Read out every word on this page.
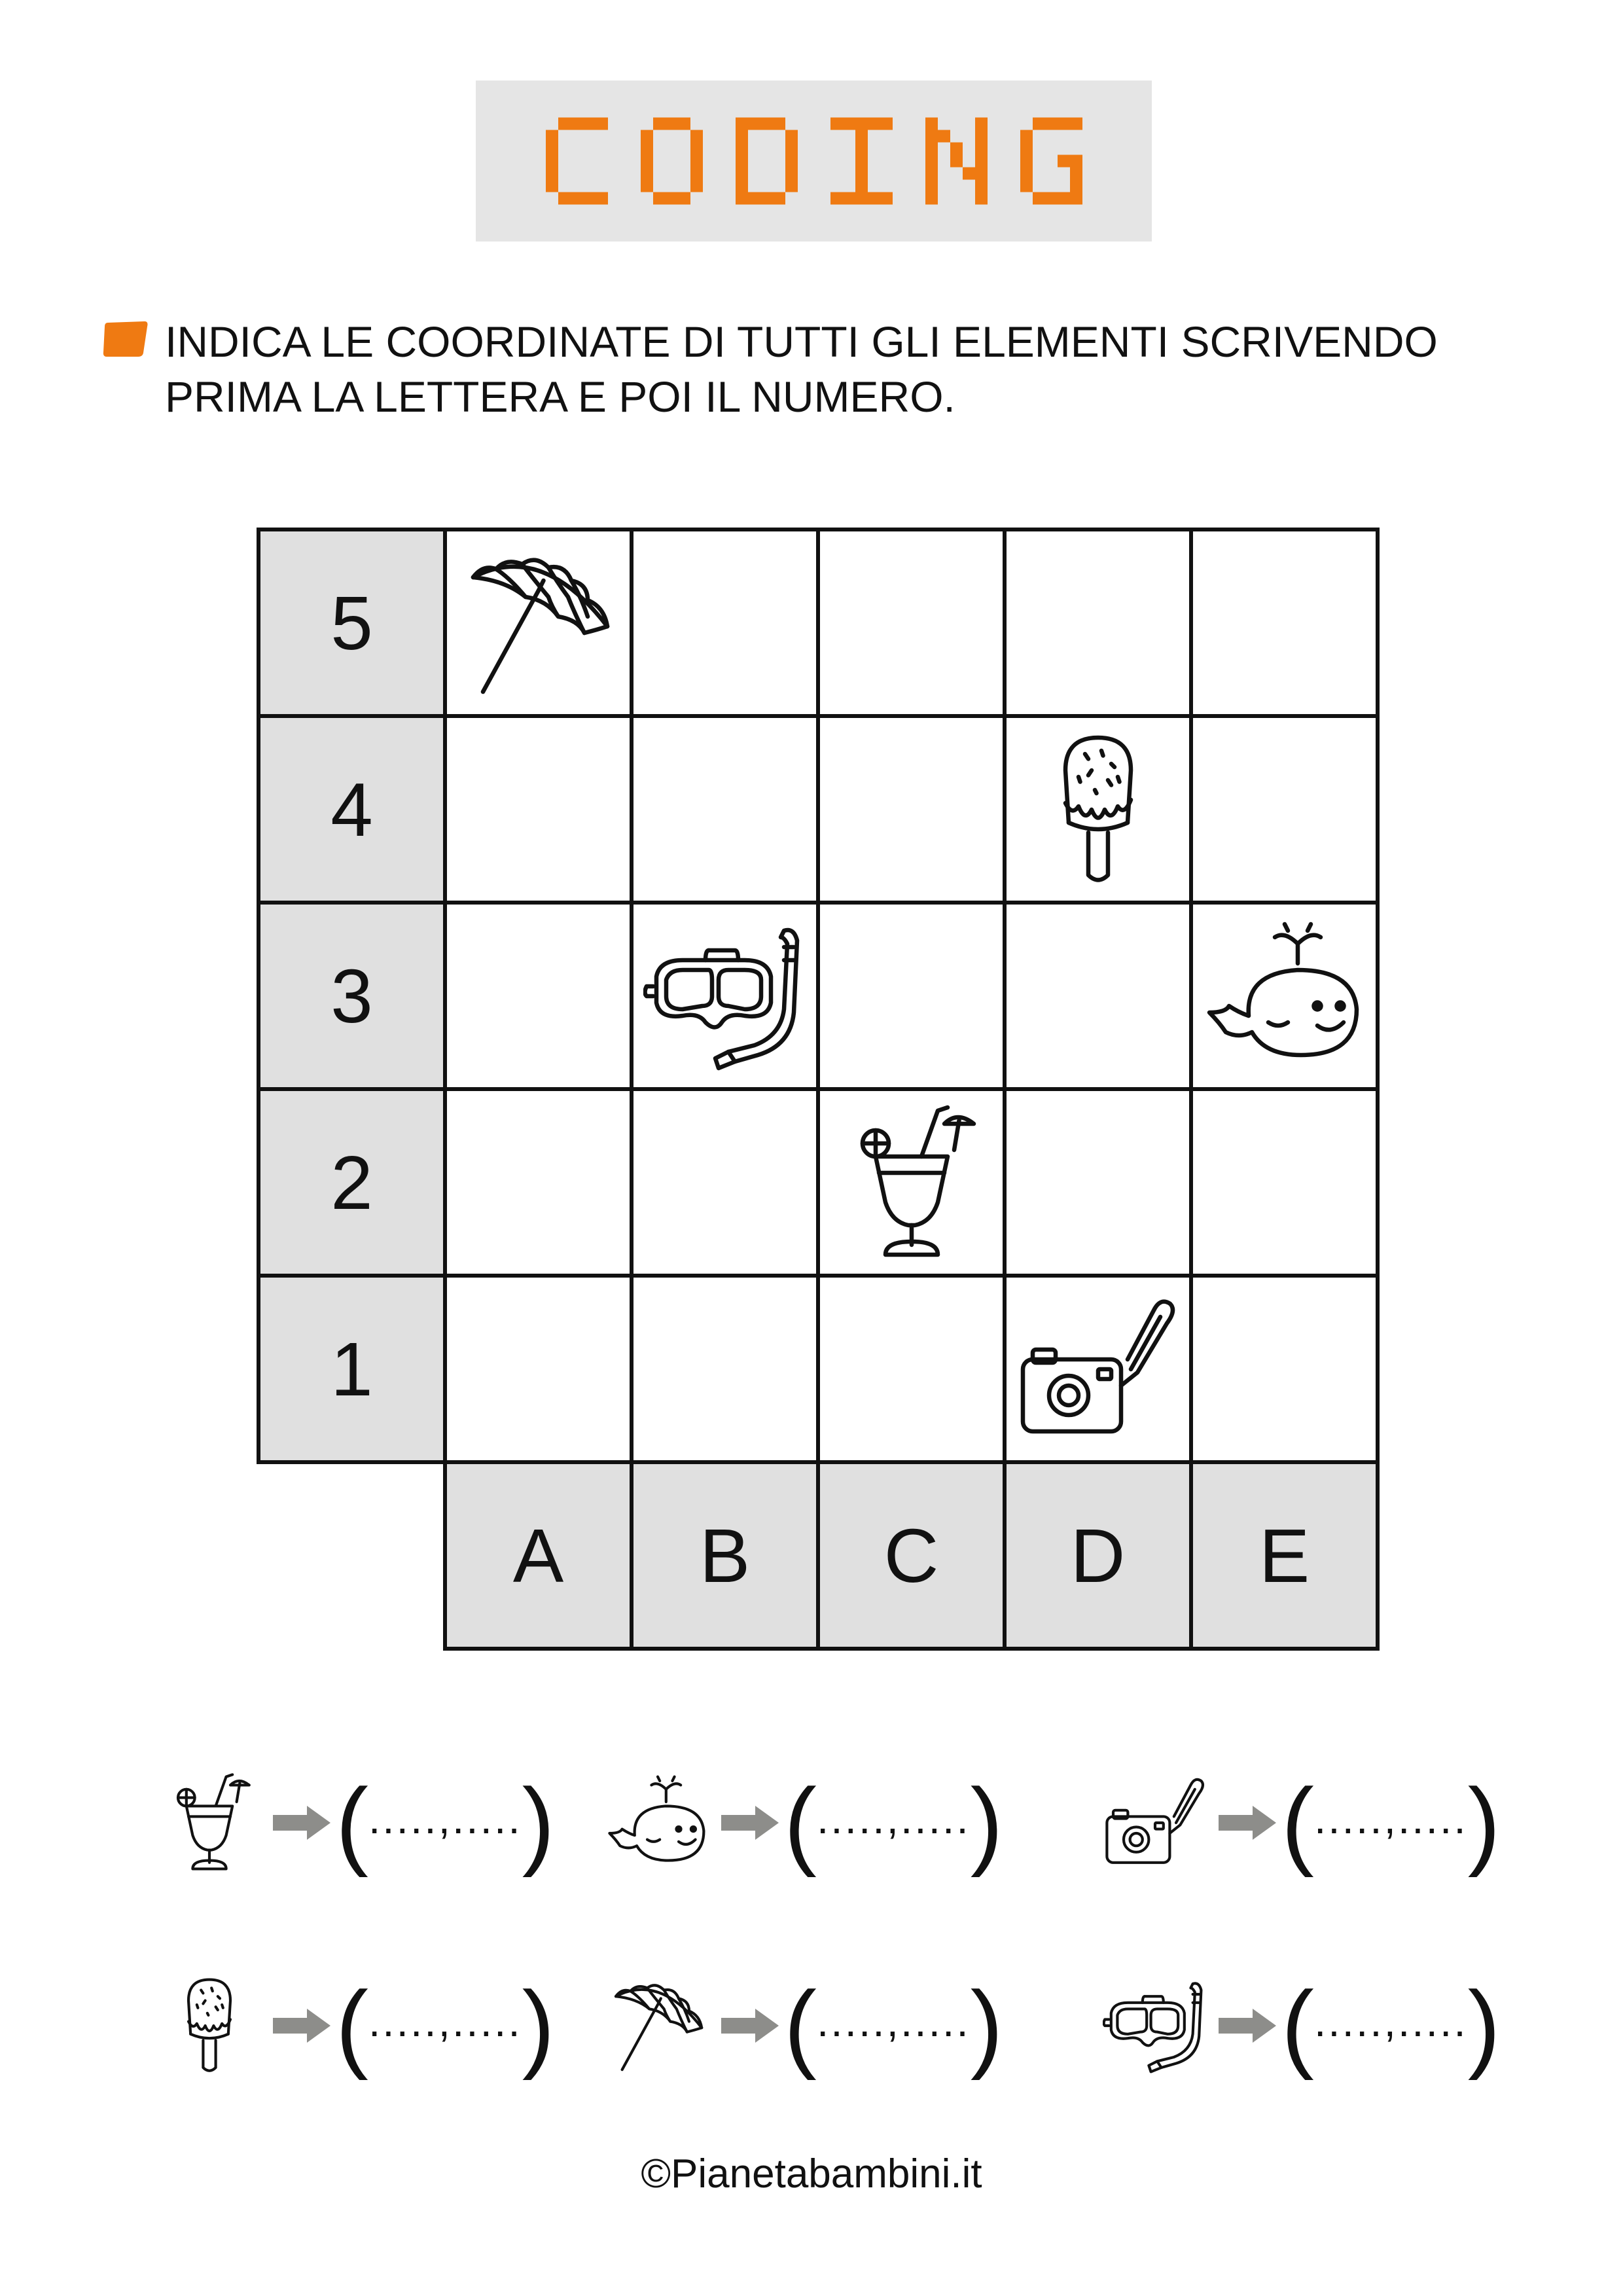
INDICA LE COORDINATE DI TUTTI GLI ELEMENTI SCRIVENDO
PRIMA LA LETTERA E POI IL NUMERO.
5
4
3
2
1
A B C D E
( .....,..... ) ( .....,..... )	( .....,..... )
( .....,..... ) ( .....,..... )	( .....,..... )
©Pianetabambini.it
